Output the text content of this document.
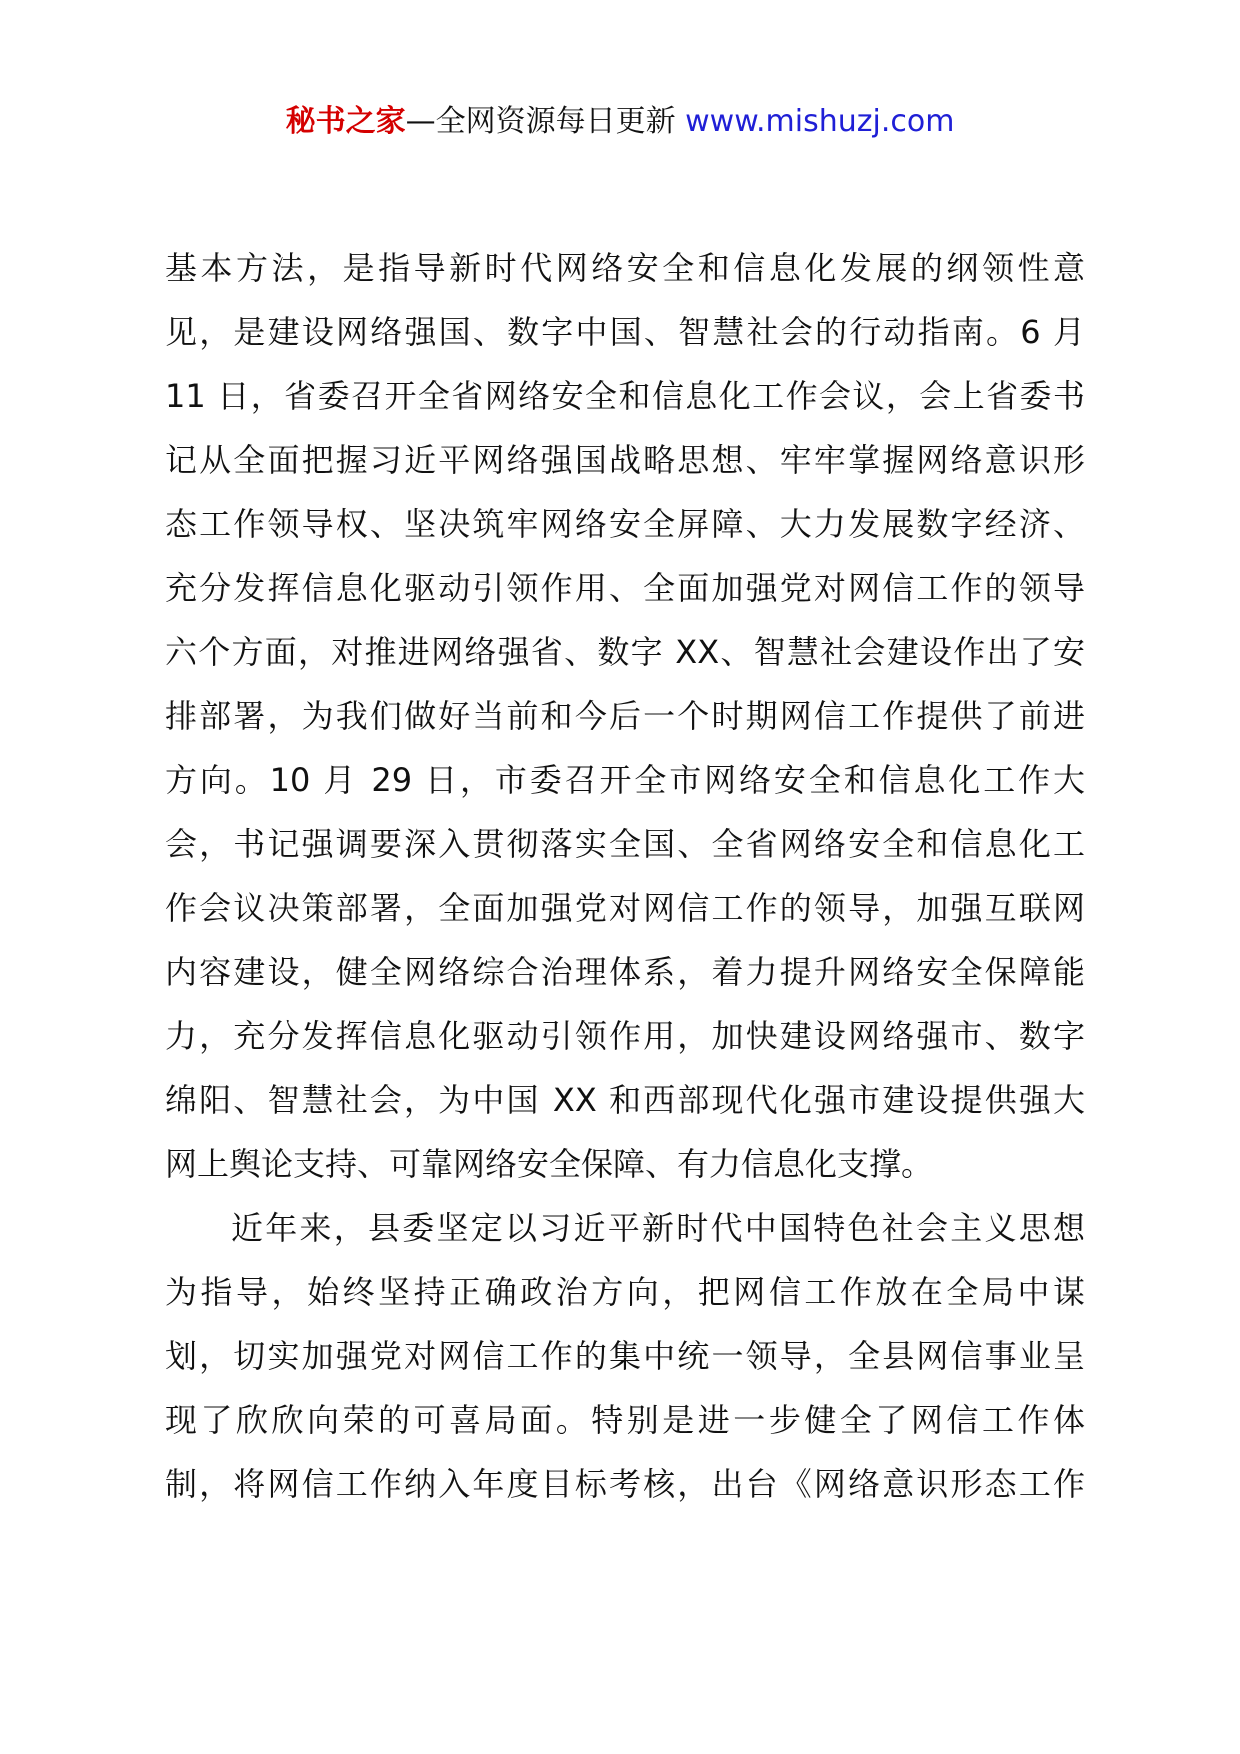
秘书之家—全网资源每日更新 www.mishuzj.com
基本方法，是指导新时代网络安全和信息化发展的纲领性意
见，是建设网络强国、数字中国、智慧社会的行动指南。6 月
11 日，省委召开全省网络安全和信息化工作会议，会上省委书
记从全面把握习近平网络强国战略思想、牢牢掌握网络意识形
态工作领导权、坚决筑牢网络安全屏障、大力发展数字经济、
充分发挥信息化驱动引领作用、全面加强党对网信工作的领导
六个方面，对推进网络强省、数字 XX、智慧社会建设作出了安
排部署，为我们做好当前和今后一个时期网信工作提供了前进
方向。10 月 29 日，市委召开全市网络安全和信息化工作大
会，书记强调要深入贯彻落实全国、全省网络安全和信息化工
作会议决策部署，全面加强党对网信工作的领导，加强互联网
内容建设，健全网络综合治理体系，着力提升网络安全保障能
力，充分发挥信息化驱动引领作用，加快建设网络强市、数字
绵阳、智慧社会，为中国 XX 和西部现代化强市建设提供强大
网上舆论支持、可靠网络安全保障、有力信息化支撑。
近年来，县委坚定以习近平新时代中国特色社会主义思想
为指导，始终坚持正确政治方向，把网信工作放在全局中谋
划，切实加强党对网信工作的集中统一领导，全县网信事业呈
现了欣欣向荣的可喜局面。特别是进一步健全了网信工作体
制，将网信工作纳入年度目标考核，出台《网络意识形态工作
